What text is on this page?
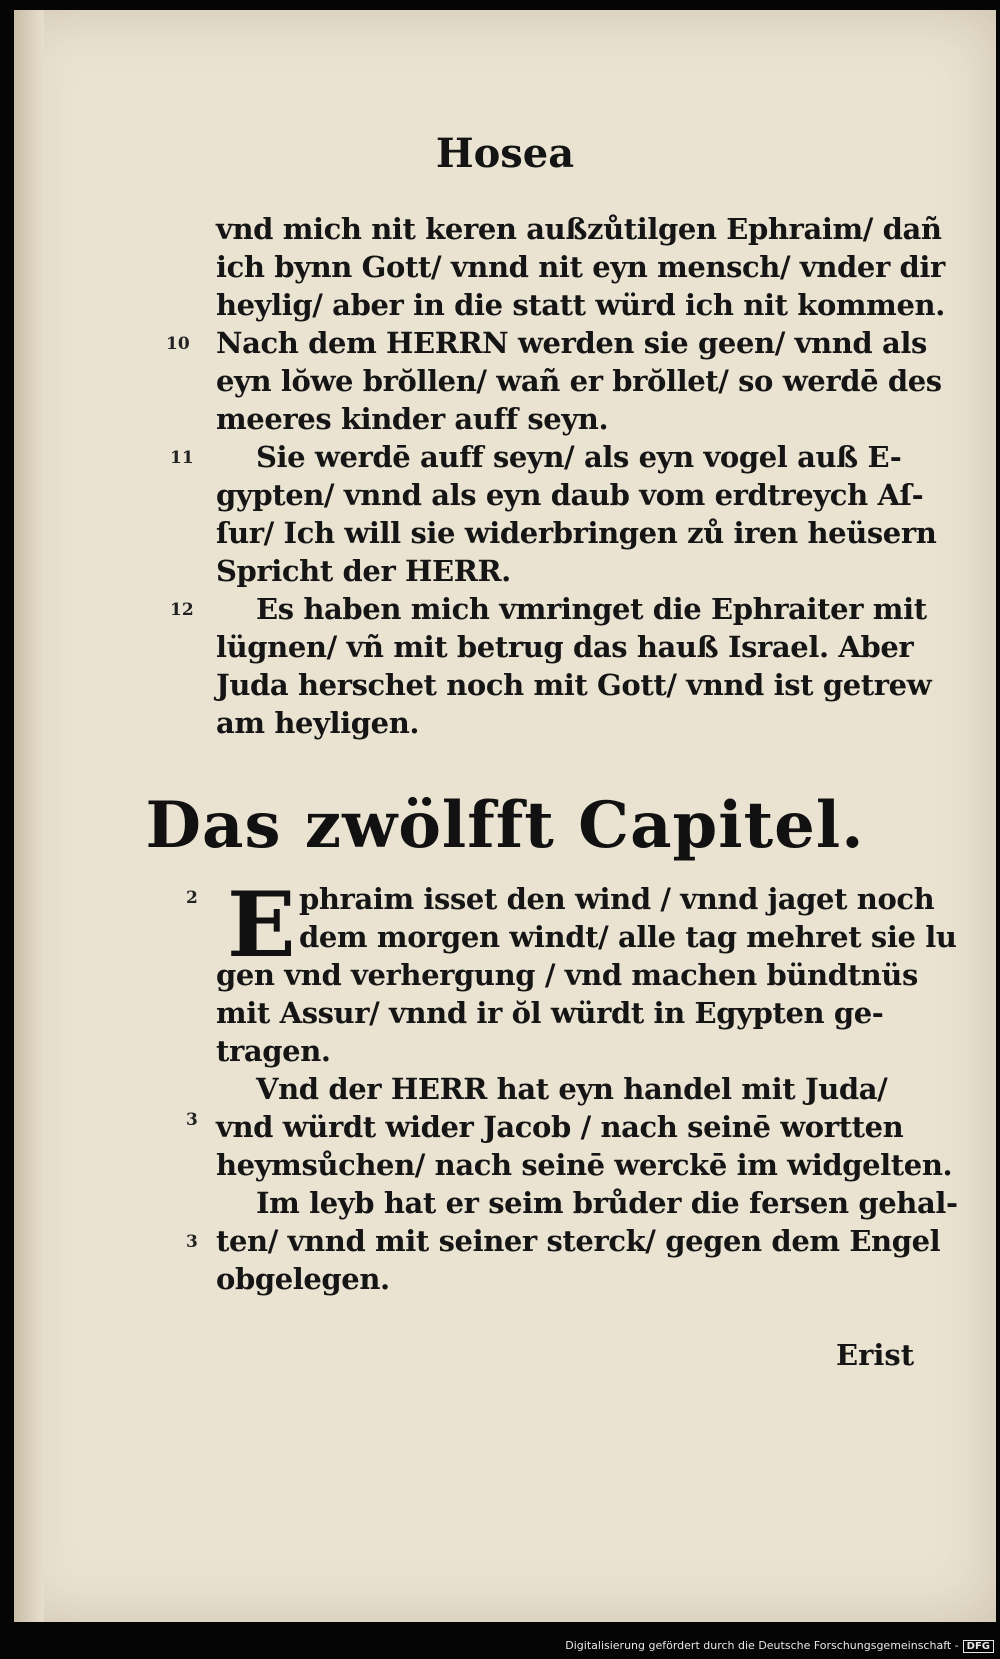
Hosea
vnd mich nit keren außzůtilgen Ephraim/ dañ
ich bynn Gott/ vnnd nit eyn mensch/ vnder dir
heylig/ aber in die statt würd ich nit kommen.
10 Nach dem HERRN werden sie geen/ vnnd als
eyn lŏwe brŏllen/ wañ er brŏllet/ so werdē des
meeres kinder auff seyn.
11 Sie werdē auff seyn/ als eyn vogel auß E-
gypten/ vnnd als eyn daub vom erdtreych Aſ-
ſur/ Ich will sie widerbringen zů iren heüsern
Spricht der HERR.
12 Es haben mich vmringet die Ephraiter mit
lügnen/ vñ mit betrug das hauß Israel. Aber
Juda herschet noch mit Gott/ vnnd ist getrew
am heyligen.
Das zwölfft Capitel.
2 E phraim isset den wind / vnnd jaget noch
dem morgen windt/ alle tag mehret sie lu
gen vnd verhergung / vnd machen bündtnüs
mit Assur/ vnnd ir ŏl würdt in Egypten ge-
tragen.
3
Vnd der HERR hat eyn handel mit Juda/
vnd würdt wider Jacob / nach seinē wortten
heymsůchen/ nach seinē werckē im widgelten.
3
Im leyb hat er seim brůder die fersen gehal-
ten/ vnnd mit seiner sterck/ gegen dem Engel
obgelegen.
Erist
Digitalisierung gefördert durch die Deutsche Forschungsgemeinschaft - DFG
